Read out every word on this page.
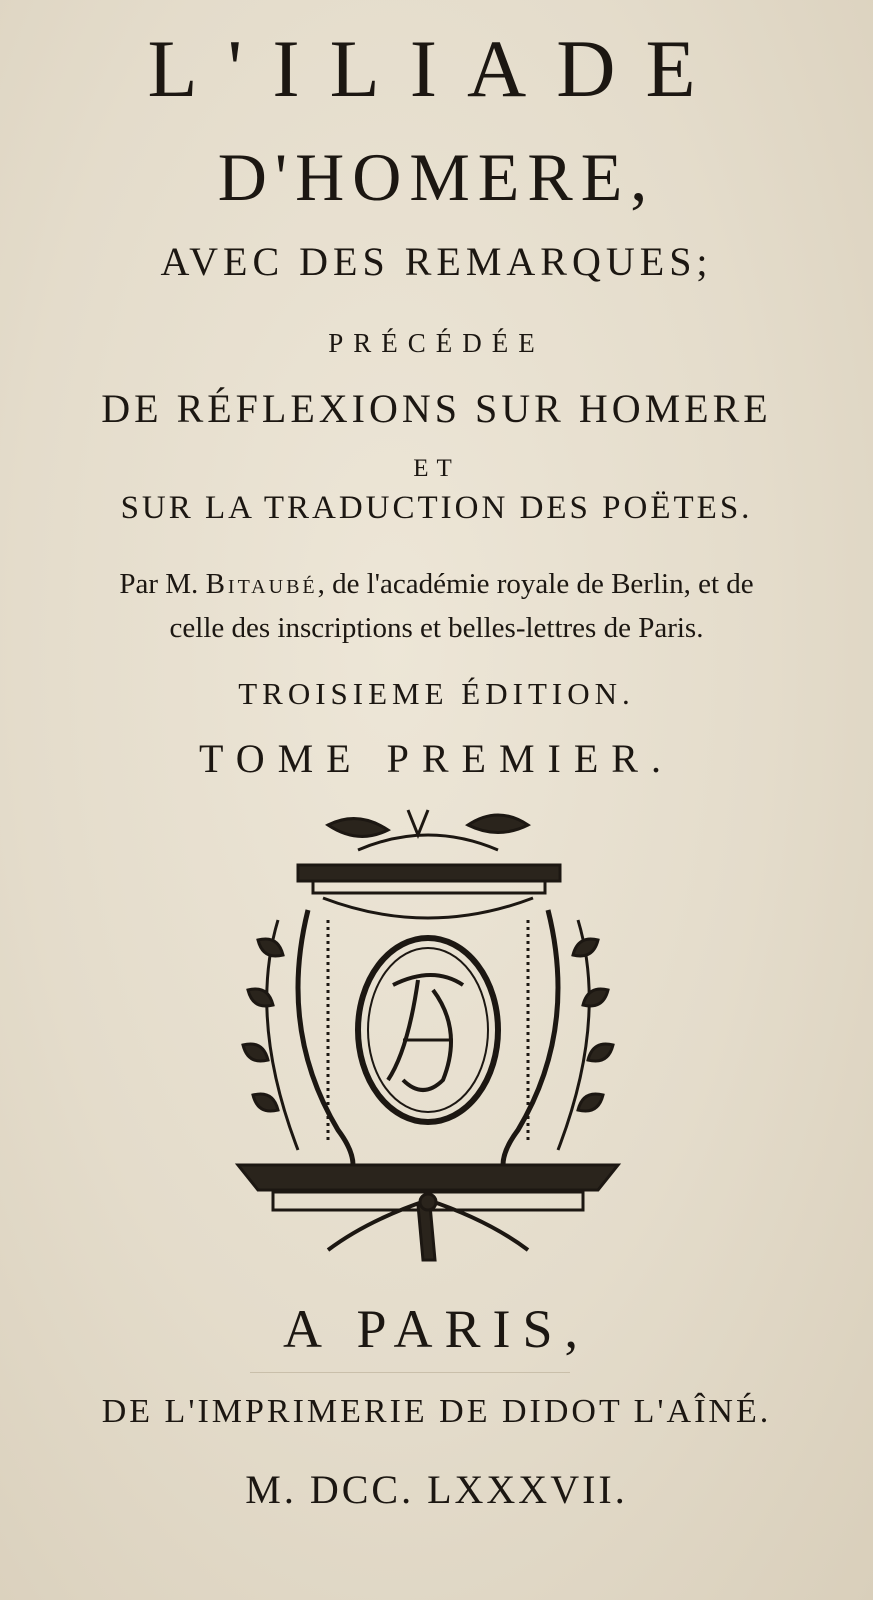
L'ILIADE
D'HOMERE,
AVEC DES REMARQUES;
PRÉCÉDÉE
DE RÉFLEXIONS SUR HOMERE
ET
SUR LA TRADUCTION DES POËTES.
Par M. Bitaubé, de l'académie royale de Berlin, et de
celle des inscriptions et belles-lettres de Paris.
TROISIEME ÉDITION.
TOME PREMIER.
A PARIS,
DE L'IMPRIMERIE DE DIDOT L'AÎNÉ.
M. DCC. LXXXVII.
